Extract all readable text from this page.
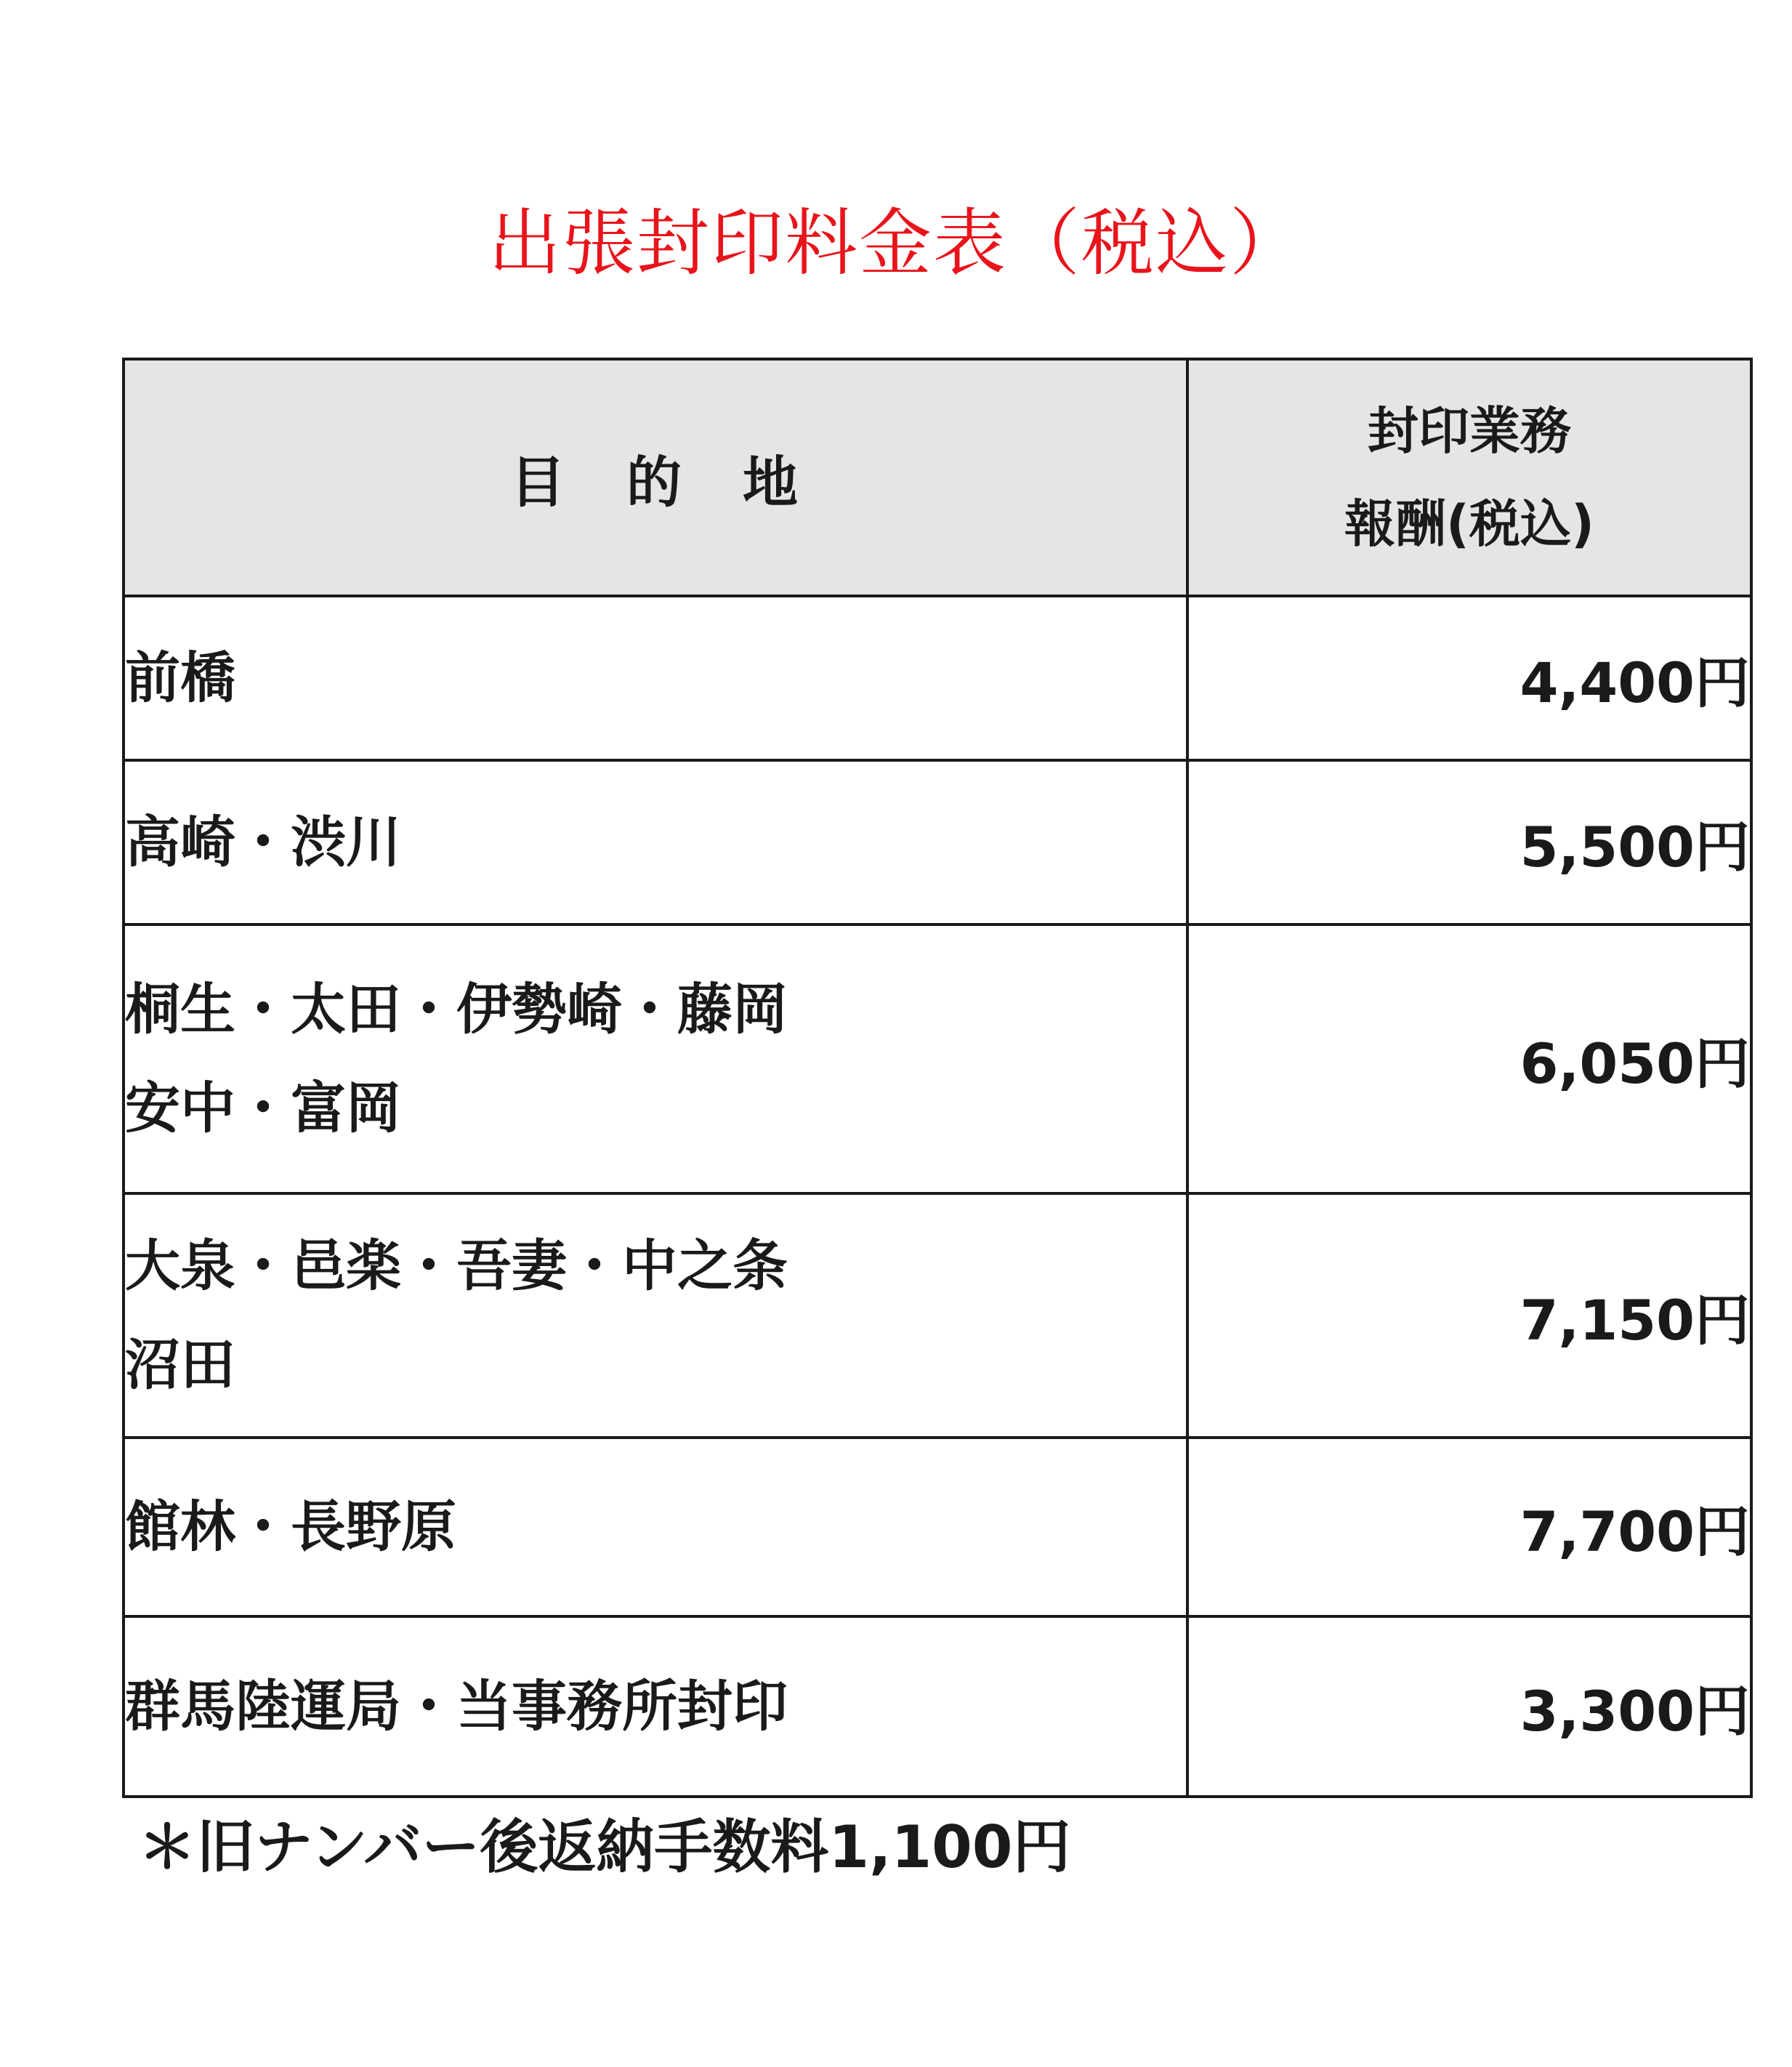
出張封印料金表（税込）
目　的　地	封印業務
報酬(税込)

前橋	4,400円

高崎・渋川	5,500円

桐生・太田・伊勢崎・藤岡
安中・富岡	6,050円

大泉・邑楽・吾妻・中之条
沼田	7,150円

館林・長野原	7,700円

群馬陸運局・当事務所封印	3,300円
＊旧ナンバー後返納手数料1,100円
